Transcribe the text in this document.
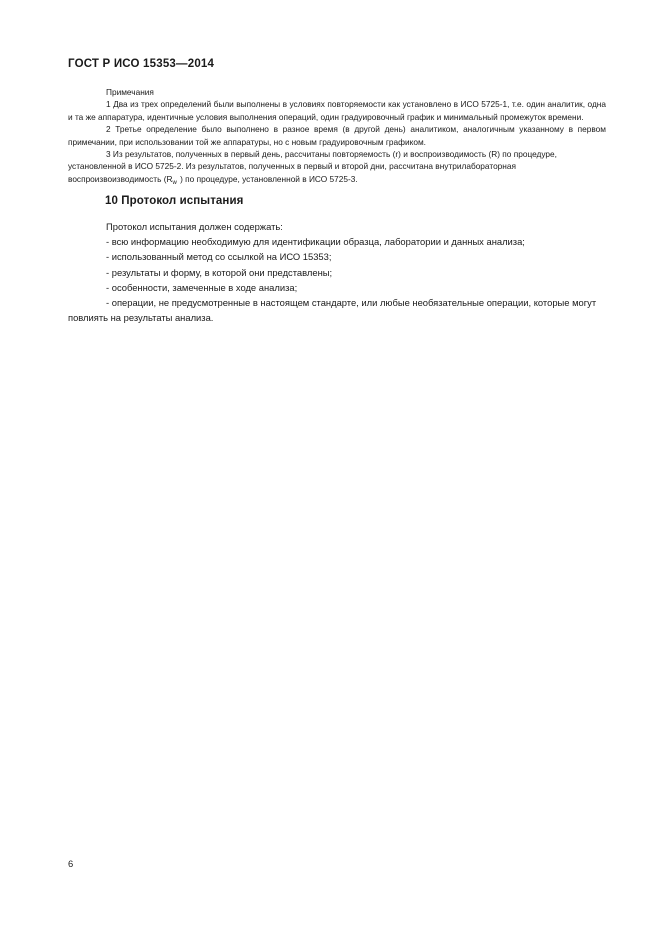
ГОСТ Р ИСО 15353—2014
Примечания

1 Два из трех определений были выполнены в условиях повторяемости как установлено в ИСО 5725-1, т.е. один аналитик, одна и та же аппаратура, идентичные условия выполнения операций, один градуировочный график и минимальный промежуток времени.

2 Третье определение было выполнено в разное время (в другой день) аналитиком, аналогичным указанному в первом примечании, при использовании той же аппаратуры, но с новым градуировочным графиком.

3 Из результатов, полученных в первый день, рассчитаны повторяемость (r) и воспроизводимость (R) по процедуре, установленной в ИСО 5725-2. Из результатов, полученных в первый и второй дни, рассчитана внутрилабораторная воспроизвоизводимость ($R_w$ ) по процедуре, установленной в ИСО 5725-3.

10 Протокол испытания

Протокол испытания должен содержать:

- всю информацию необходимую для идентификации образца, лаборатории и данных анализа;

- использованный метод со ссылкой на ИСО 15353;

- результаты и форму, в которой они представлены;

- особенности, замеченные в ходе анализа;

- операции, не предусмотренные в настоящем стандарте, или любые необязательные операции, которые могут повлиять на результаты анализа.

6
